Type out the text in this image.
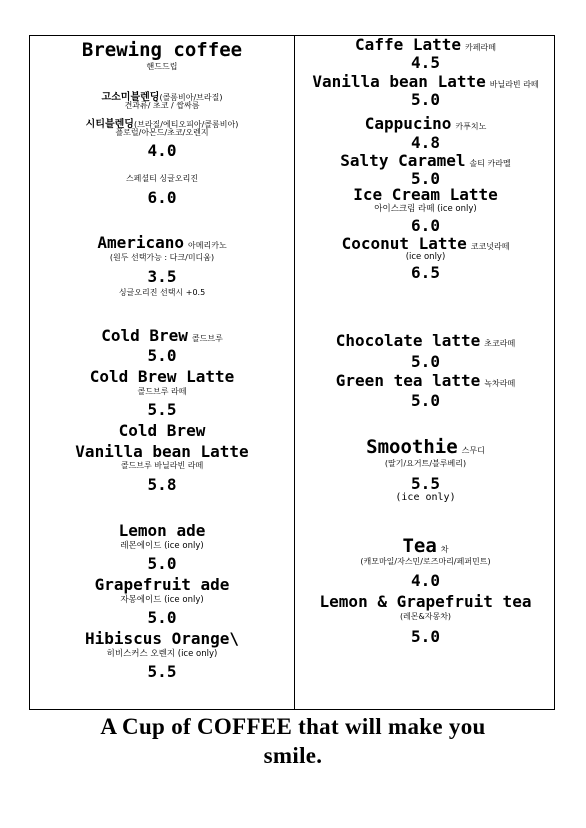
Brewing coffee
핸드드립
고소미블렌딩(콜롬비아/브라질)
견과류/ 초코 / 쌉싸름
시티블렌딩(브라질/에티오피아/콜롬비아)
플로럴/아몬드/초코/오렌지
4.0
스페셜티 싱글오리진
6.0
Americano 아메리카노
(원두 선택가능 : 다크/미디움)
3.5
싱글오리진 선택시 +0.5
Cold Brew 콜드브루
5.0
Cold Brew Latte
콜드브루 라떼
5.5
Cold Brew
Vanilla bean Latte
콜드브루 바닐라빈 라떼
5.8
Lemon ade
레몬에이드 (ice only)
5.0
Grapefruit ade
자몽에이드 (ice only)
5.0
Hibiscus Orange\
히비스커스 오렌지 (ice only)
5.5
Caffe Latte 카페라떼
4.5
Vanilla bean Latte 바닐라빈 라떼
5.0
Cappucino 카푸치노
4.8
Salty Caramel 솔티 카라멜
5.0
Ice Cream Latte
아이스크림 라떼 (ice only)
6.0
Coconut Latte 코코넛라떼
(ice only)
6.5
Chocolate latte 초코라떼
5.0
Green tea latte 녹차라떼
5.0
Smoothie 스무디
(딸기/요거트/블루베리)
5.5
(ice only)
Tea 차
(캐모마일/자스민/로즈마리/페퍼민트)
4.0
Lemon & Grapefruit tea
(레몬&자몽차)
5.0
A Cup of COFFEE that will make you
smile.
